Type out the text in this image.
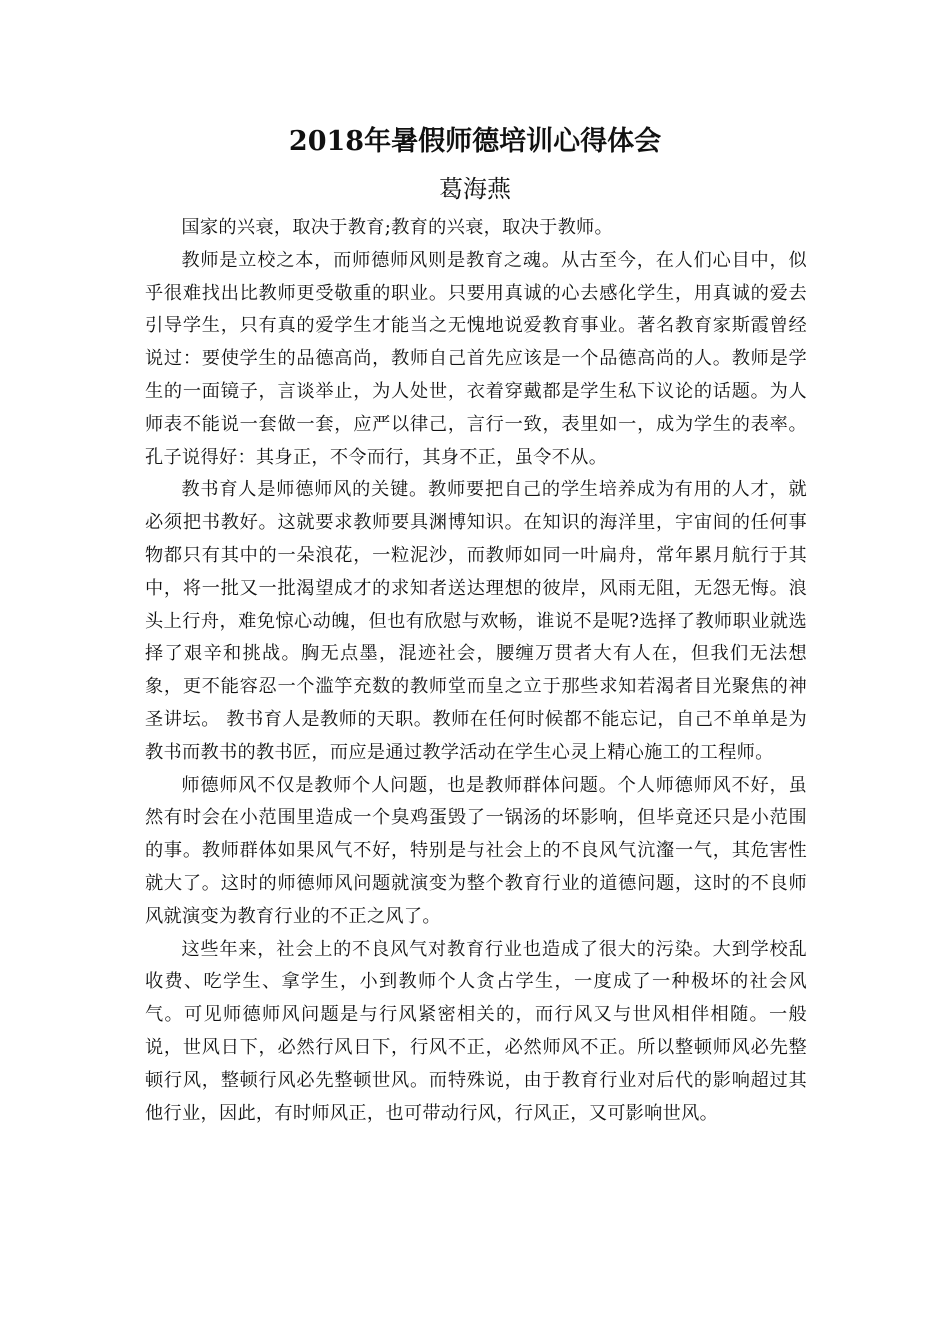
2018年暑假师德培训心得体会
葛海燕

国家的兴衰，取决于教育;教育的兴衰，取决于教师。

教师是立校之本，而师德师风则是教育之魂。从古至今，在人们心目中，似乎很难找出比教师更受敬重的职业。只要用真诚的心去感化学生，用真诚的爱去引导学生，只有真的爱学生才能当之无愧地说爱教育事业。著名教育家斯霞曾经说过：要使学生的品德高尚，教师自己首先应该是一个品德高尚的人。教师是学生的一面镜子，言谈举止，为人处世，衣着穿戴都是学生私下议论的话题。为人师表不能说一套做一套，应严以律己，言行一致，表里如一，成为学生的表率。孔子说得好：其身正，不令而行，其身不正，虽令不从。

教书育人是师德师风的关键。教师要把自己的学生培养成为有用的人才，就必须把书教好。这就要求教师要具渊博知识。在知识的海洋里，宇宙间的任何事物都只有其中的一朵浪花，一粒泥沙，而教师如同一叶扁舟，常年累月航行于其中，将一批又一批渴望成才的求知者送达理想的彼岸，风雨无阻，无怨无悔。浪头上行舟，难免惊心动魄，但也有欣慰与欢畅，谁说不是呢?选择了教师职业就选择了艰辛和挑战。胸无点墨，混迹社会，腰缠万贯者大有人在，但我们无法想象，更不能容忍一个滥竽充数的教师堂而皇之立于那些求知若渴者目光聚焦的神圣讲坛。 教书育人是教师的天职。教师在任何时候都不能忘记，自己不单单是为教书而教书的教书匠，而应是通过教学活动在学生心灵上精心施工的工程师。

师德师风不仅是教师个人问题，也是教师群体问题。个人师德师风不好，虽然有时会在小范围里造成一个臭鸡蛋毁了一锅汤的坏影响，但毕竟还只是小范围的事。教师群体如果风气不好，特别是与社会上的不良风气沆瀣一气，其危害性就大了。这时的师德师风问题就演变为整个教育行业的道德问题，这时的不良师风就演变为教育行业的不正之风了。

这些年来，社会上的不良风气对教育行业也造成了很大的污染。大到学校乱收费、吃学生、拿学生，小到教师个人贪占学生，一度成了一种极坏的社会风气。可见师德师风问题是与行风紧密相关的，而行风又与世风相伴相随。一般说，世风日下，必然行风日下，行风不正，必然师风不正。所以整顿师风必先整顿行风，整顿行风必先整顿世风。而特殊说，由于教育行业对后代的影响超过其他行业，因此，有时师风正，也可带动行风，行风正，又可影响世风。
